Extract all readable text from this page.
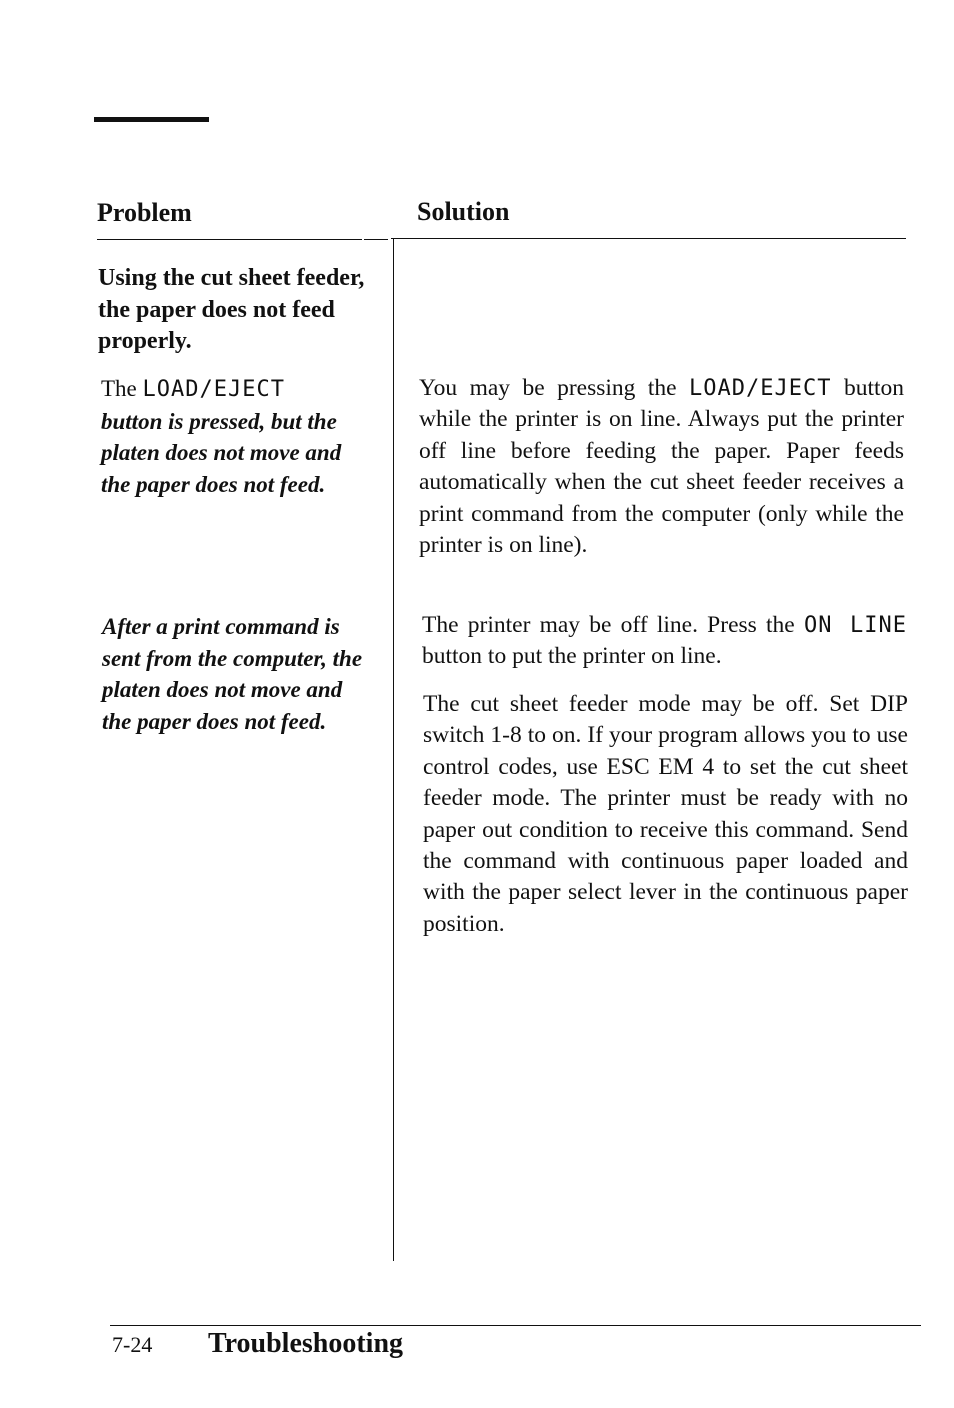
Problem	Solution
Using the cut sheet feeder, the paper does not feed properly.
The LOAD/EJECT
button is pressed, but the platen does not move and the paper does not feed.
You may be pressing the LOAD/EJECT button while the printer is on line. Always put the printer off line before feeding the paper. Paper feeds automatically when the cut sheet feeder receives a print command from the computer (only while the printer is on line).
After a print command is sent from the computer, the platen does not move and the paper does not feed.
The printer may be off line. Press the ON LINE button to put the printer on line.
The cut sheet feeder mode may be off. Set DIP switch 1-8 to on. If your program allows you to use control codes, use ESC EM 4 to set the cut sheet feeder mode. The printer must be ready with no paper out condition to receive this command. Send the command with continuous paper loaded and with the paper select lever in the continuous paper position.
7-24 Troubleshooting
